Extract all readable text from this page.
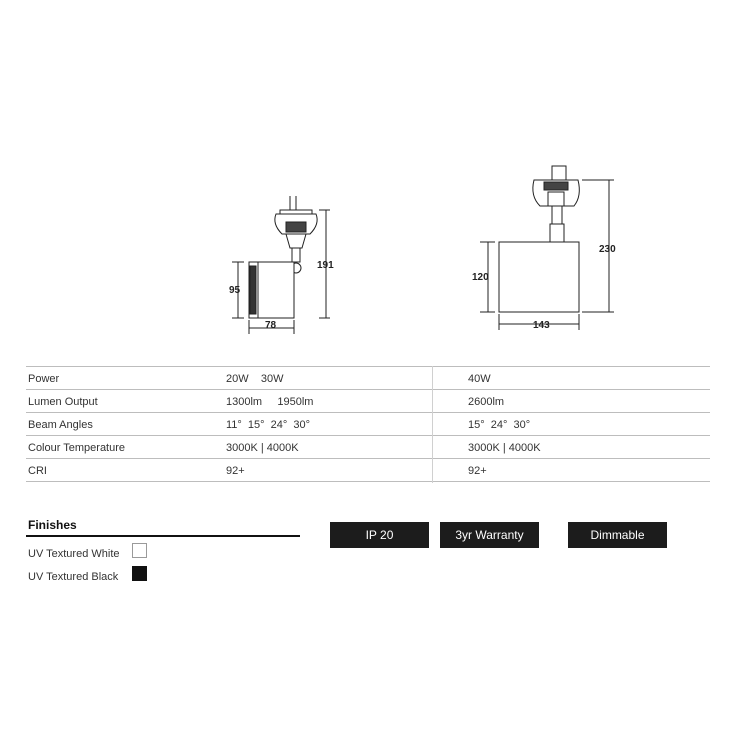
191
95
78
230
120
143
Power	20W    30W	40W
Lumen Output	1300lm     1950lm	2600lm
Beam Angles	11°  15°  24°  30°	15°  24°  30°
Colour Temperature	3000K | 4000K	3000K | 4000K
CRI	92+	92+
Finishes
UV Textured White
UV Textured Black
IP 20	3yr Warranty	Dimmable
